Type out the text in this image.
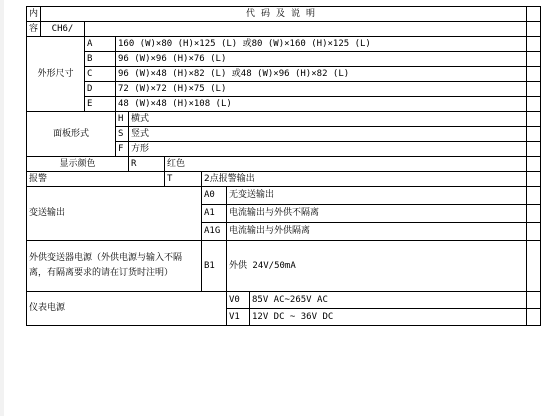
内	代码及说明								
容	CH6/								
外形尺寸		A	160 (W)×80 (H)×125 (L) 或80 (W)×160 (H)×125 (L)						
		B	96 (W)×96 (H)×76 (L)						
		C	96 (W)×48 (H)×82 (L) 或48 (W)×96 (H)×82 (L)						
		D	72 (W)×72 (H)×75 (L)						
		E	48 (W)×48 (H)×108 (L)						
面板形式			H	横式					
			S	竖式					
			F	方形					
显示颜色				R	红色				
报警					T	2点报警输出			
变送输出						A0	无变送输出		
						A1	电流输出与外供不隔离		
						A1G	电流输出与外供隔离		
外供变送器电源（外供电源与输入不隔离，有隔离要求的请在订货时注明）						B1	外供 24V/50mA		
仪表电源							V0	85V AC~265V AC	
							V1	12V DC ~ 36V DC	
